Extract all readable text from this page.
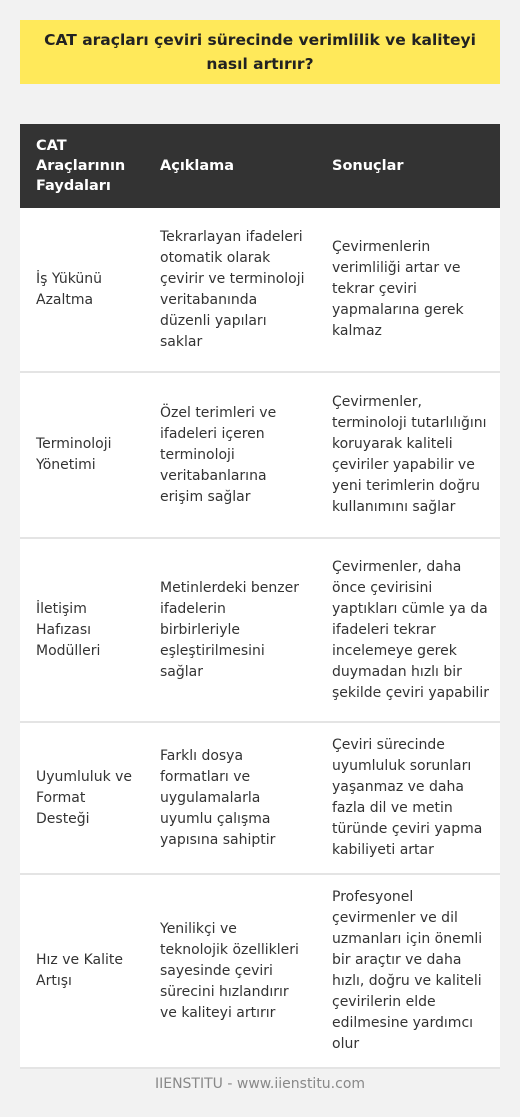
CAT araçları çeviri sürecinde verimlilik ve kaliteyi nasıl artırır?
CAT Araçlarının Faydaları	Açıklama	Sonuçlar
İş Yükünü Azaltma	Tekrarlayan ifadeleri otomatik olarak çevirir ve terminoloji veritabanında düzenli yapıları saklar	Çevirmenlerin verimliliği artar ve tekrar çeviri yapmalarına gerek kalmaz
Terminoloji Yönetimi	Özel terimleri ve ifadeleri içeren terminoloji veritabanlarına erişim sağlar	Çevirmenler, terminoloji tutarlılığını koruyarak kaliteli çeviriler yapabilir ve yeni terimlerin doğru kullanımını sağlar
İletişim Hafızası Modülleri	Metinlerdeki benzer ifadelerin birbirleriyle eşleştirilmesini sağlar	Çevirmenler, daha önce çevirisini yaptıkları cümle ya da ifadeleri tekrar incelemeye gerek duymadan hızlı bir şekilde çeviri yapabilir
Uyumluluk ve Format Desteği	Farklı dosya formatları ve uygulamalarla uyumlu çalışma yapısına sahiptir	Çeviri sürecinde uyumluluk sorunları yaşanmaz ve daha fazla dil ve metin türünde çeviri yapma kabiliyeti artar
Hız ve Kalite Artışı	Yenilikçi ve teknolojik özellikleri sayesinde çeviri sürecini hızlandırır ve kaliteyi artırır	Profesyonel çevirmenler ve dil uzmanları için önemli bir araçtır ve daha hızlı, doğru ve kaliteli çevirilerin elde edilmesine yardımcı olur
IIENSTITU - www.iienstitu.com
